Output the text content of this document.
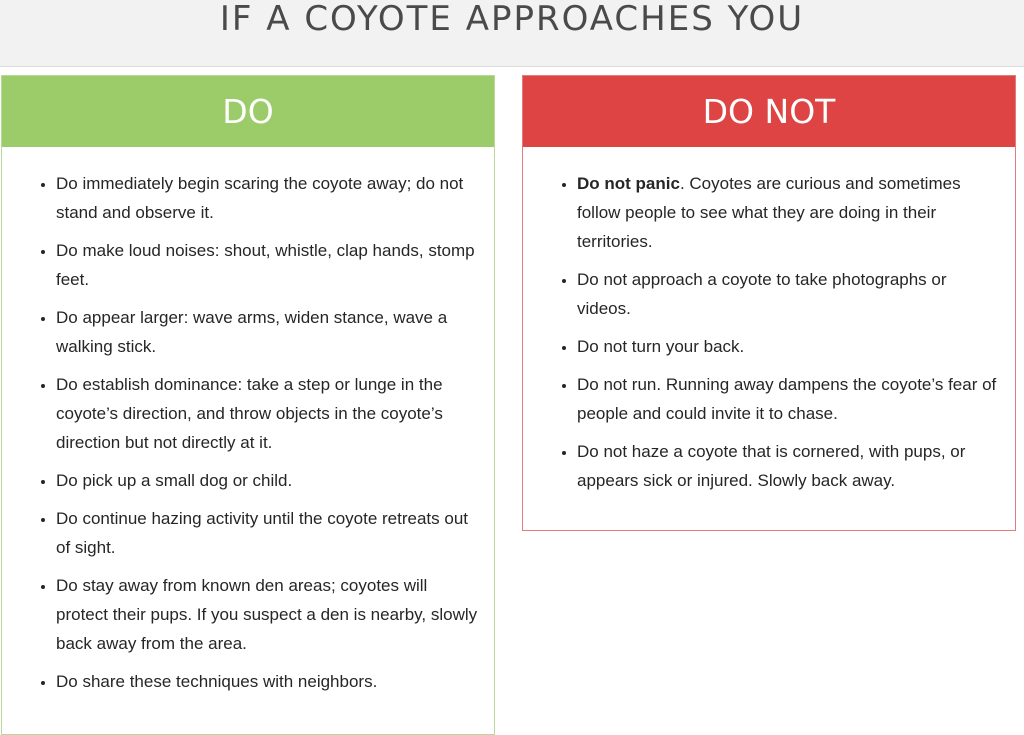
IF A COYOTE APPROACHES YOU
DO
• Do immediately begin scaring the coyote away; do not stand and observe it.
• Do make loud noises: shout, whistle, clap hands, stomp feet.
• Do appear larger: wave arms, widen stance, wave a walking stick.
• Do establish dominance: take a step or lunge in the coyote’s direction, and throw objects in the coyote’s direction but not directly at it.
• Do pick up a small dog or child.
• Do continue hazing activity until the coyote retreats out of sight.
• Do stay away from known den areas; coyotes will protect their pups. If you suspect a den is nearby, slowly back away from the area.
• Do share these techniques with neighbors.
DO NOT
• Do not panic. Coyotes are curious and sometimes follow people to see what they are doing in their territories.
• Do not approach a coyote to take photographs or videos.
• Do not turn your back.
• Do not run. Running away dampens the coyote’s fear of people and could invite it to chase.
• Do not haze a coyote that is cornered, with pups, or appears sick or injured. Slowly back away.
